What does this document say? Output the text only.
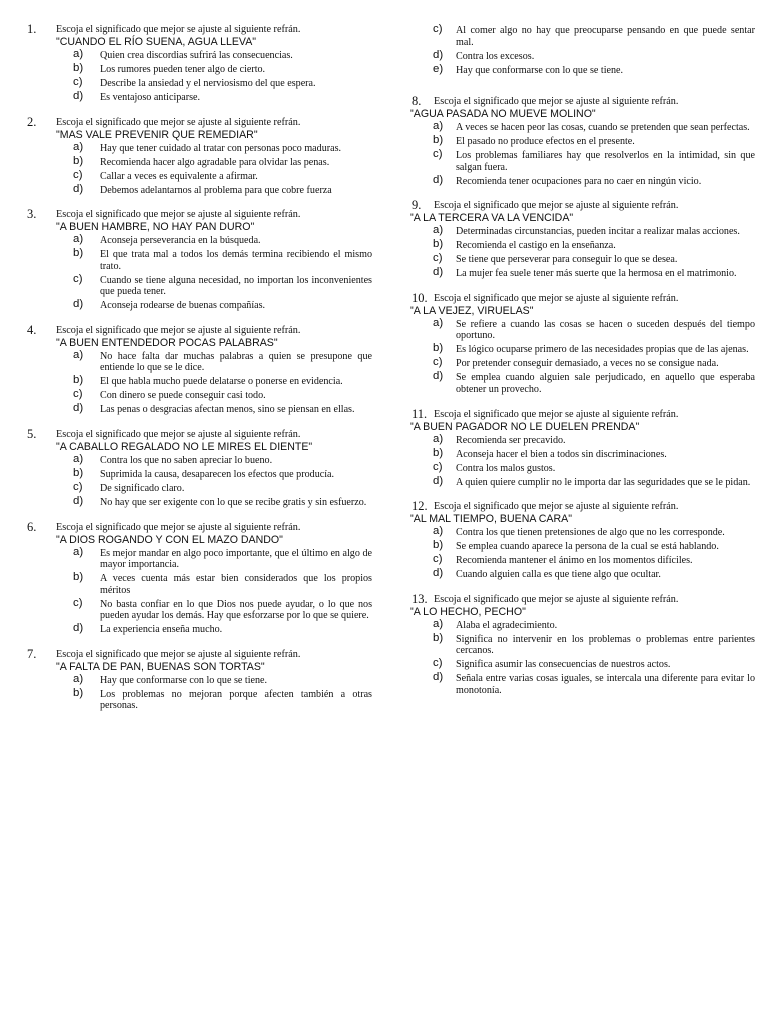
1. Escoja el significado que mejor se ajuste al siguiente refrán.
"CUANDO EL RÍO SUENA, AGUA LLEVA"
a) Quien crea discordias sufrirá las consecuencias.
b) Los rumores pueden tener algo de cierto.
c) Describe la ansiedad y el nerviosismo del que espera.
d) Es ventajoso anticiparse.
2. Escoja el significado que mejor se ajuste al siguiente refrán.
"MAS VALE PREVENIR QUE REMEDIAR"
a) Hay que tener cuidado al tratar con personas poco maduras.
b) Recomienda hacer algo agradable para olvidar las penas.
c) Callar a veces es equivalente a afirmar.
d) Debemos adelantarnos al problema para que cobre fuerza
3. Escoja el significado que mejor se ajuste al siguiente refrán.
"A BUEN HAMBRE, NO HAY PAN DURO"
a) Aconseja perseverancia en la búsqueda.
b) El que trata mal a todos los demás termina recibiendo el mismo trato.
c) Cuando se tiene alguna necesidad, no importan los inconvenientes que pueda tener.
d) Aconseja rodearse de buenas compañías.
4. Escoja el significado que mejor se ajuste al siguiente refrán.
"A BUEN ENTENDEDOR POCAS PALABRAS"
a) No hace falta dar muchas palabras a quien se presupone que entiende lo que se le dice.
b) El que habla mucho puede delatarse o ponerse en evidencia.
c) Con dinero se puede conseguir casi todo.
d) Las penas o desgracias afectan menos, sino se piensan en ellas.
5. Escoja el significado que mejor se ajuste al siguiente refrán.
"A CABALLO REGALADO NO LE MIRES EL DIENTE"
a) Contra los que no saben apreciar lo bueno.
b) Suprimida la causa, desaparecen los efectos que producía.
c) De significado claro.
d) No hay que ser exigente con lo que se recibe gratis y sin esfuerzo.
6. Escoja el significado que mejor se ajuste al siguiente refrán.
"A DIOS ROGANDO Y CON EL MAZO DANDO"
a) Es mejor mandar en algo poco importante, que el último en algo de mayor importancia.
b) A veces cuenta más estar bien considerados que los propios méritos
c) No basta confiar en lo que Dios nos puede ayudar, o lo que nos pueden ayudar los demás. Hay que esforzarse por lo que se quiere.
d) La experiencia enseña mucho.
7. Escoja el significado que mejor se ajuste al siguiente refrán.
"A FALTA DE PAN, BUENAS SON TORTAS"
a) Hay que conformarse con lo que se tiene.
b) Los problemas no mejoran porque afecten también a otras personas.
c) Al comer algo no hay que preocuparse pensando en que puede sentar mal.
d) Contra los excesos.
e) Hay que conformarse con lo que se tiene.
8. Escoja el significado que mejor se ajuste al siguiente refrán.
"AGUA PASADA NO MUEVE MOLINO"
a) A veces se hacen peor las cosas, cuando se pretenden que sean perfectas.
b) El pasado no produce efectos en el presente.
c) Los problemas familiares hay que resolverlos en la intimidad, sin que salgan fuera.
d) Recomienda tener ocupaciones para no caer en ningún vicio.
9. Escoja el significado que mejor se ajuste al siguiente refrán.
"A LA TERCERA VA LA VENCIDA"
a) Determinadas circunstancias, pueden incitar a realizar malas acciones.
b) Recomienda el castigo en la enseñanza.
c) Se tiene que perseverar para conseguir lo que se desea.
d) La mujer fea suele tener más suerte que la hermosa en el matrimonio.
10. Escoja el significado que mejor se ajuste al siguiente refrán.
"A LA VEJEZ, VIRUELAS"
a) Se refiere a cuando las cosas se hacen o suceden después del tiempo oportuno.
b) Es lógico ocuparse primero de las necesidades propias que de las ajenas.
c) Por pretender conseguir demasiado, a veces no se consigue nada.
d) Se emplea cuando alguien sale perjudicado, en aquello que esperaba obtener un provecho.
11. Escoja el significado que mejor se ajuste al siguiente refrán.
"A BUEN PAGADOR NO LE DUELEN PRENDA"
a) Recomienda ser precavido.
b) Aconseja hacer el bien a todos sin discriminaciones.
c) Contra los malos gustos.
d) A quien quiere cumplir no le importa dar las seguridades que se le pidan.
12. Escoja el significado que mejor se ajuste al siguiente refrán.
"AL MAL TIEMPO, BUENA CARA"
a) Contra los que tienen pretensiones de algo que no les corresponde.
b) Se emplea cuando aparece la persona de la cual se está hablando.
c) Recomienda mantener el ánimo en los momentos difíciles.
d) Cuando alguien calla es que tiene algo que ocultar.
13. Escoja el significado que mejor se ajuste al siguiente refrán.
"A LO HECHO, PECHO"
a) Alaba el agradecimiento.
b) Significa no intervenir en los problemas o problemas entre parientes cercanos.
c) Significa asumir las consecuencias de nuestros actos.
d) Señala entre varias cosas iguales, se intercala una diferente para evitar lo monotonía.
